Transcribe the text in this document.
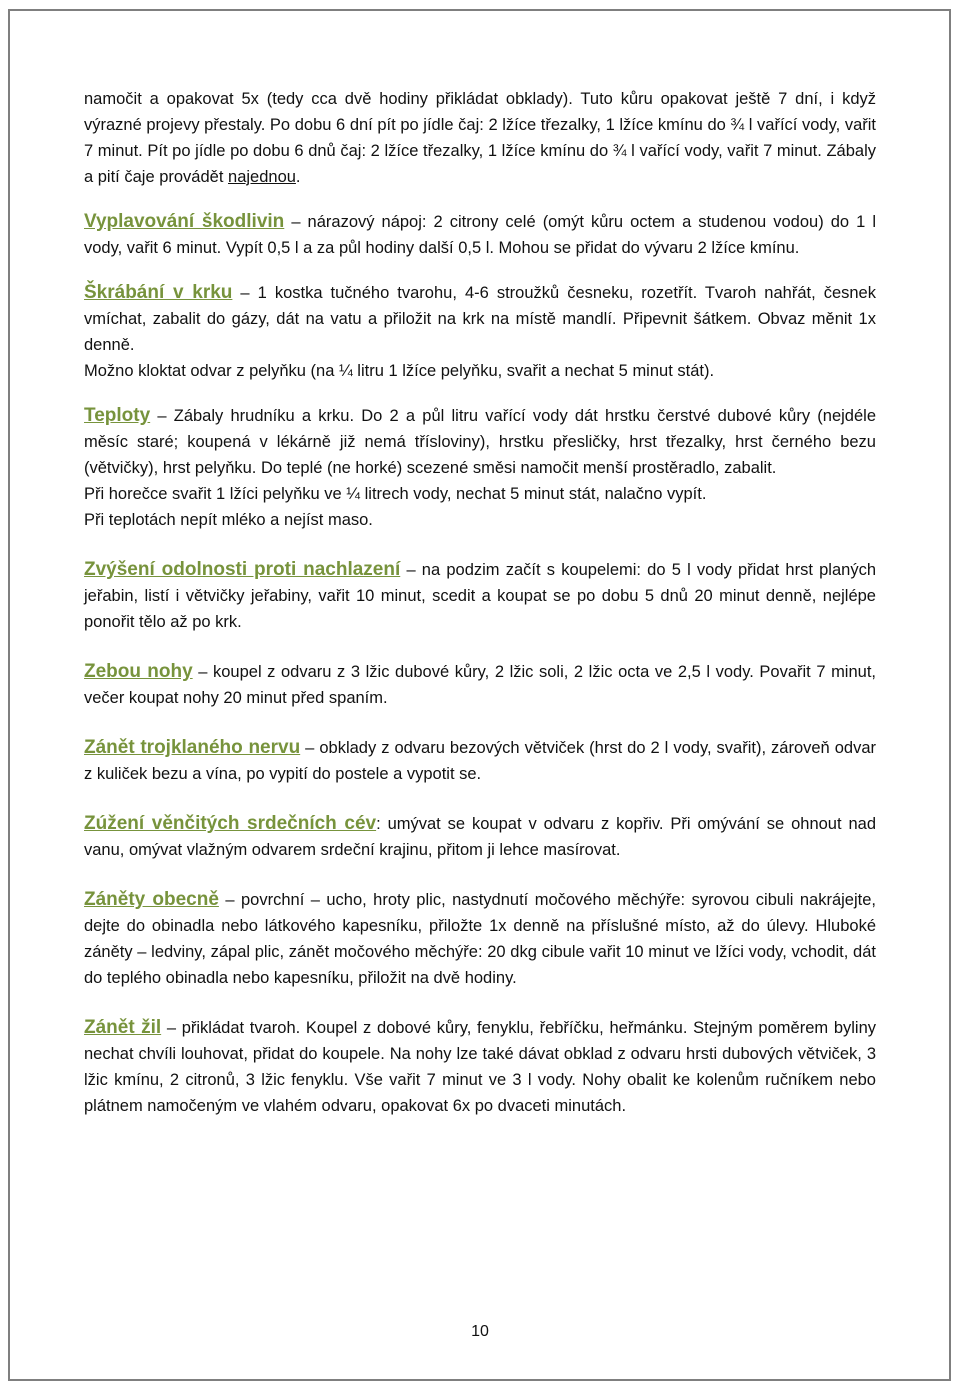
namočit a opakovat 5x (tedy cca dvě hodiny přikládat obklady). Tuto kůru opakovat ještě 7 dní, i když výrazné projevy přestaly. Po dobu 6 dní pít po jídle čaj: 2 lžíce třezalky, 1 lžíce kmínu do ¾ l vařící vody, vařit 7 minut. Pít po jídle po dobu 6 dnů čaj: 2 lžíce třezalky, 1 lžíce kmínu do ¾ l vařící vody, vařit 7 minut. Zábaly a pití čaje provádět najednou.

Vyplavování škodlivin – nárazový nápoj: 2 citrony celé (omýt kůru octem a studenou vodou) do 1 l vody, vařit 6 minut. Vypít 0,5 l a za půl hodiny další 0,5 l. Mohou se přidat do vývaru 2 lžíce kmínu.

Škrábání v krku – 1 kostka tučného tvarohu, 4-6 stroužků česneku, rozetřít. Tvaroh nahřát, česnek vmíchat, zabalit do gázy, dát na vatu a přiložit na krk na místě mandlí. Připevnit šátkem. Obvaz měnit 1x denně.

Možno kloktat odvar z pelyňku (na ¼ litru 1 lžíce pelyňku, svařit a nechat 5 minut stát).

Teploty – Zábaly hrudníku a krku. Do 2 a půl litru vařící vody dát hrstku čerstvé dubové kůry (nejdéle měsíc staré; koupená v lékárně již nemá třísloviny), hrstku přesličky, hrst třezalky, hrst černého bezu (větvičky), hrst pelyňku. Do teplé (ne horké) scezené směsi namočit menší prostěradlo, zabalit.

Při horečce svařit 1 lžíci pelyňku ve ¼ litrech vody, nechat 5 minut stát, nalačno vypít.

Při teplotách nepít mléko a nejíst maso.

Zvýšení odolnosti proti nachlazení – na podzim začít s koupelemi: do 5 l vody přidat hrst planých jeřabin, listí i větvičky jeřabiny, vařit 10 minut, scedit a koupat se po dobu 5 dnů 20 minut denně, nejlépe ponořit tělo až po krk.

Zebou nohy – koupel z odvaru z 3 lžic dubové kůry, 2 lžic soli, 2 lžic octa ve 2,5 l vody. Povařit 7 minut, večer koupat nohy 20 minut před spaním.

Zánět trojklaného nervu – obklady z odvaru bezových větviček (hrst do 2 l vody, svařit), zároveň odvar z kuliček bezu a vína, po vypití do postele a vypotit se.

Zúžení věnčitých srdečních cév: umývat se koupat v odvaru z kopřiv. Při omývání se ohnout nad vanu, omývat vlažným odvarem srdeční krajinu, přitom ji lehce masírovat.

Záněty obecně – povrchní – ucho, hroty plic, nastydnutí močového měchýře: syrovou cibuli nakrájejte, dejte do obinadla nebo látkového kapesníku, přiložte 1x denně na příslušné místo, až do úlevy. Hluboké záněty – ledviny, zápal plic, zánět močového měchýře: 20 dkg cibule vařit 10 minut ve lžíci vody, vchodit, dát do teplého obinadla nebo kapesníku, přiložit na dvě hodiny.

Zánět žil – přikládat tvaroh. Koupel z dobové kůry, fenyklu, řebříčku, heřmánku. Stejným poměrem byliny nechat chvíli louhovat, přidat do koupele. Na nohy lze také dávat obklad z odvaru hrsti dubových větviček, 3 lžic kmínu, 2 citronů, 3 lžic fenyklu. Vše vařit 7 minut ve 3 l vody. Nohy obalit ke kolenům ručníkem nebo plátnem namočeným ve vlahém odvaru, opakovat 6x po dvaceti minutách.

10
